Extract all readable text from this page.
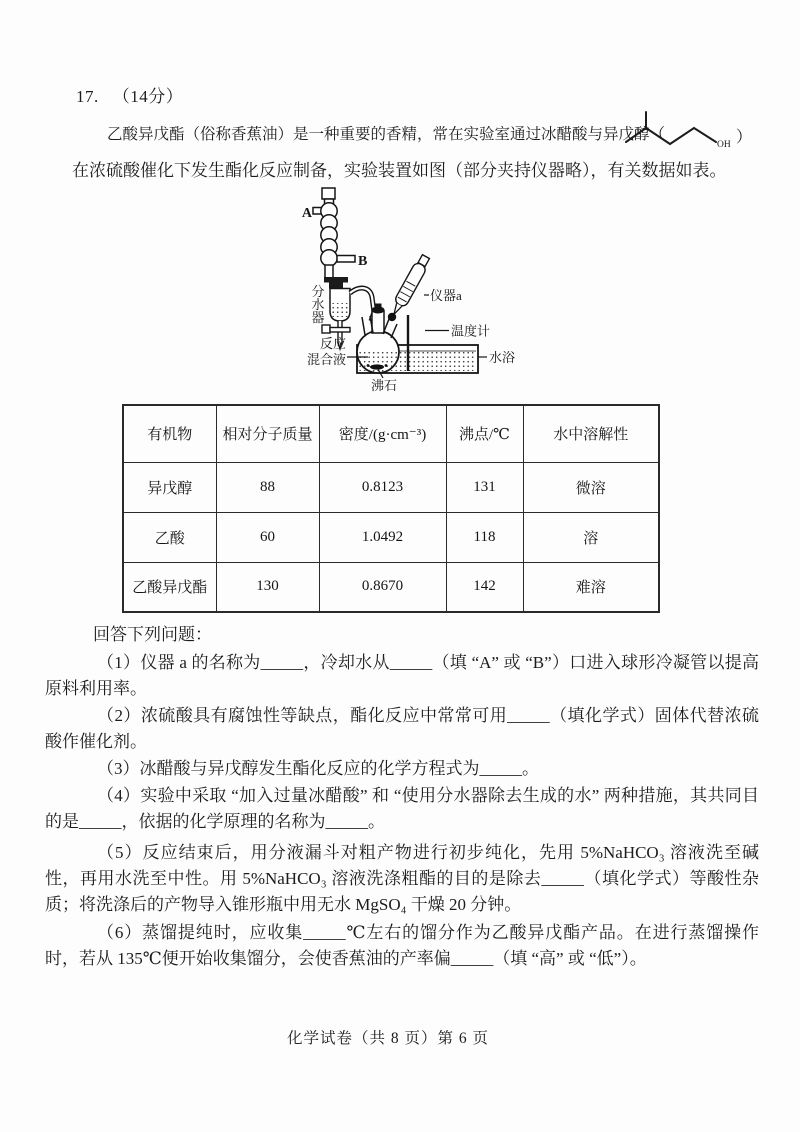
17. （14分）
乙酸异戊酯（俗称香蕉油）是一种重要的香精，常在实验室通过冰醋酸与异戊醇（
OH ）
在浓硫酸催化下发生酯化反应制备，实验装置如图（部分夹持仪器略），有关数据如表。
A
B
分
水
器
仪器a
温度计
水浴
反应
混合液
沸石
有机物	相对分子质量	密度/(g·cm⁻³)	沸点/℃	水中溶解性
异戊醇	88	0.8123	131	微溶
乙酸	60	1.0492	118	溶
乙酸异戊酯	130	0.8670	142	难溶

回答下列问题：

（1）仪器 a 的名称为_____，冷却水从_____（填 “A” 或 “B”）口进入球形冷凝管以提高原料利用率。

（2）浓硫酸具有腐蚀性等缺点，酯化反应中常常可用_____（填化学式）固体代替浓硫酸作催化剂。

（3）冰醋酸与异戊醇发生酯化反应的化学方程式为_____。

（4）实验中采取 “加入过量冰醋酸” 和 “使用分水器除去生成的水” 两种措施，其共同目的是_____，依据的化学原理的名称为_____。

（5）反应结束后，用分液漏斗对粗产物进行初步纯化，先用 5%NaHCO₃ 溶液洗至碱性，再用水洗至中性。用 5%NaHCO₃ 溶液洗涤粗酯的目的是除去_____（填化学式）等酸性杂质；将洗涤后的产物导入锥形瓶中用无水 MgSO₄ 干燥 20 分钟。

（6）蒸馏提纯时，应收集_____℃左右的馏分作为乙酸异戊酯产品。在进行蒸馏操作时，若从 135℃便开始收集馏分，会使香蕉油的产率偏_____（填 “高” 或 “低”）。

化学试卷（共 8 页）第 6 页
